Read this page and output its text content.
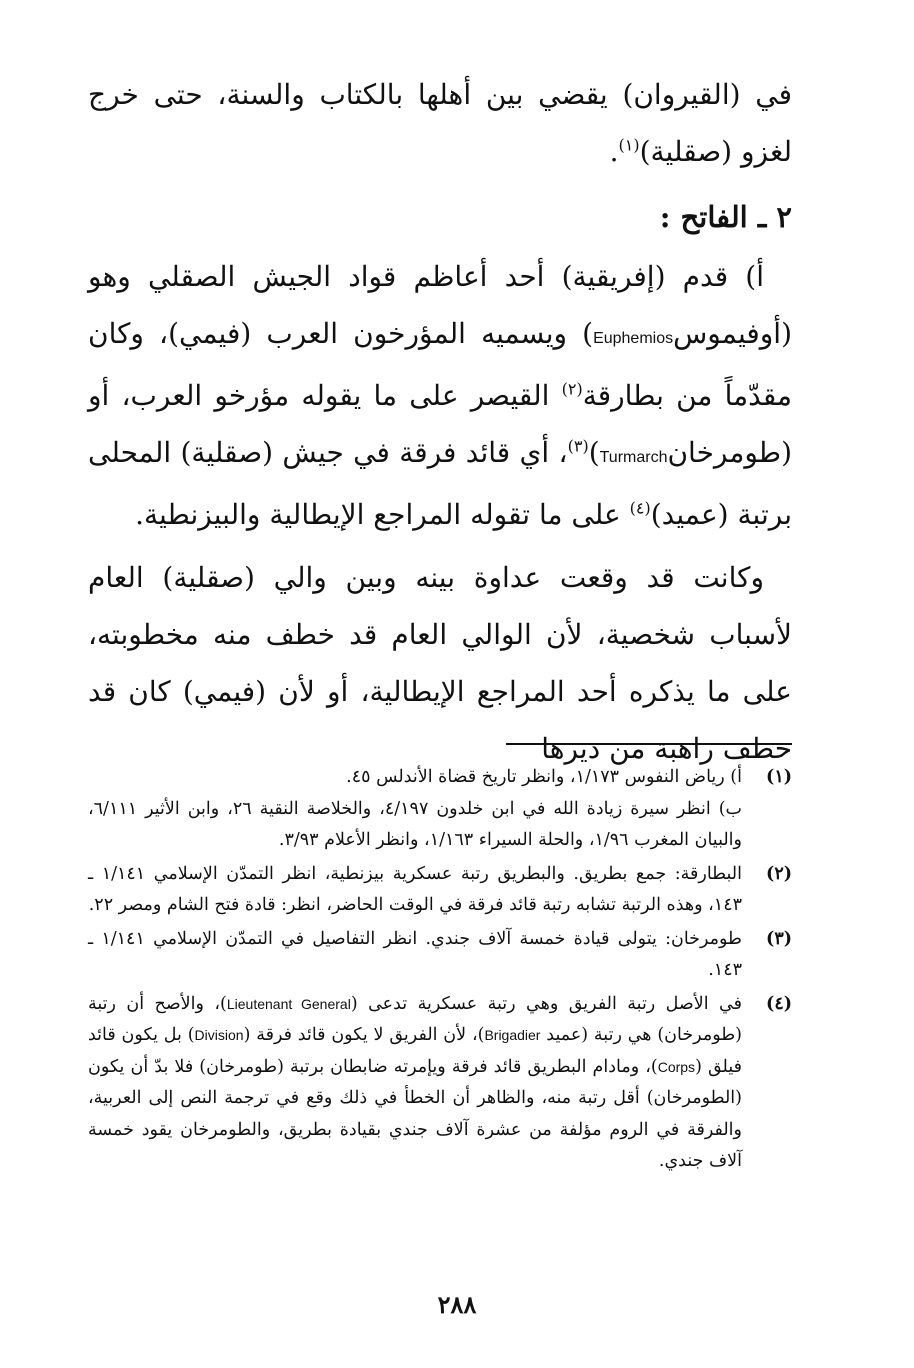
في (القيروان) يقضي بين أهلها بالكتاب والسنة، حتى خرج لغزو (صقلية)$^{(١)}$.

٢ ـ الفاتح :

أ) قدم (إفريقية) أحد أعاظم قواد الجيش الصقلي وهو (أوفيموسEuphemios) ويسميه المؤرخون العرب (فيمي)، وكان مقدّماً من بطارقة$^{(٢)}$ القيصر على ما يقوله مؤرخو العرب، أو (طومرخانTurmarch)$^{(٣)}$، أي قائد فرقة في جيش (صقلية) المحلى برتبة (عميد)$^{(٤)}$ على ما تقوله المراجع الإيطالية والبيزنطية.

وكانت قد وقعت عداوة بينه وبين والي (صقلية) العام لأسباب شخصية، لأن الوالي العام قد خطف منه مخطوبته، على ما يذكره أحد المراجع الإيطالية، أو لأن (فيمي) كان قد خطف راهبة من ديرها

(١)
أ) رياض النفوس ١/١٧٣، وانظر تاريخ قضاة الأندلس ٤٥.
ب) انظر سيرة زيادة الله في ابن خلدون ٤/١٩٧، والخلاصة النقية ٢٦، وابن الأثير ٦/١١١، والبيان المغرب ١/٩٦، والحلة السيراء ١/١٦٣، وانظر الأعلام ٣/٩٣.
(٢)
البطارقة: جمع بطريق. والبطريق رتبة عسكرية بيزنطية، انظر التمدّن الإسلامي ١/١٤١ ـ ١٤٣، وهذه الرتبة تشابه رتبة قائد فرقة في الوقت الحاضر، انظر: قادة فتح الشام ومصر ٢٢.
(٣)
طومرخان: يتولى قيادة خمسة آلاف جندي. انظر التفاصيل في التمدّن الإسلامي ١/١٤١ ـ ١٤٣.
(٤)
في الأصل رتبة الفريق وهي رتبة عسكرية تدعى (Lieutenant General)، والأصح أن رتبة (طومرخان) هي رتبة (عميد Brigadier)، لأن الفريق لا يكون قائد فرقة (Division) بل يكون قائد فيلق (Corps)، ومادام البطريق قائد فرقة ويإمرته ضابطان برتبة (طومرخان) فلا بدّ أن يكون (الطومرخان) أقل رتبة منه، والظاهر أن الخطأ في ذلك وقع في ترجمة النص إلى العربية، والفرقة في الروم مؤلفة من عشرة آلاف جندي بقيادة بطريق، والطومرخان يقود خمسة آلاف جندي.
٢٨٨
